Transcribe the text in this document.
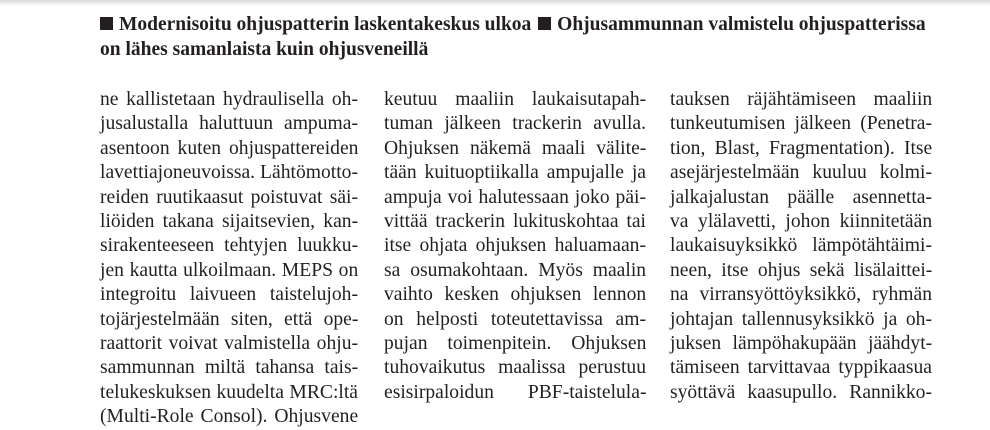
Modernisoitu ohjuspatterin laskentakeskus ulkoa Ohjusammunnan valmistelu ohjuspatterissa
on lähes samanlaista kuin ohjusveneillä
ne kallistetaan hydraulisella oh-
jusalustalla haluttuun ampuma-
asentoon kuten ohjuspattereiden
lavettiajoneuvoissa. Lähtömotto-
reiden ruutikaasut poistuvat säi-
liöiden takana sijaitsevien, kan-
sirakenteeseen tehtyjen luukku-
jen kautta ulkoilmaan. MEPS on
integroitu laivueen taistelujoh-
tojärjestelmään siten, että ope-
raattorit voivat valmistella ohju-
sammunnan miltä tahansa tais-
telukeskuksen kuudelta MRC:ltä
(Multi-Role Consol). Ohjusvene
keutuu maaliin laukaisutapah-
tuman jälkeen trackerin avulla.
Ohjuksen näkemä maali välite-
tään kuituoptiikalla ampujalle ja
ampuja voi halutessaan joko päi-
vittää trackerin lukituskohtaa tai
itse ohjata ohjuksen haluamaan-
sa osumakohtaan. Myös maalin
vaihto kesken ohjuksen lennon
on helposti toteutettavissa am-
pujan toimenpitein. Ohjuksen
tuhovaikutus maalissa perustuu
esisirpaloidun PBF-taistelula-
tauksen räjähtämiseen maaliin
tunkeutumisen jälkeen (Penetra-
tion, Blast, Fragmentation). Itse
asejärjestelmään kuuluu kolmi-
jalkajalustan päälle asennetta-
va ylälavetti, johon kiinnitetään
laukaisuyksikkö lämpötähtäimi-
neen, itse ohjus sekä lisälaittei-
na virransyöttöyksikkö, ryhmän
johtajan tallennusyksikkö ja oh-
juksen lämpöhakupään jäähdyt-
tämiseen tarvittavaa typpikaasua
syöttävä kaasupullo. Rannikko-
